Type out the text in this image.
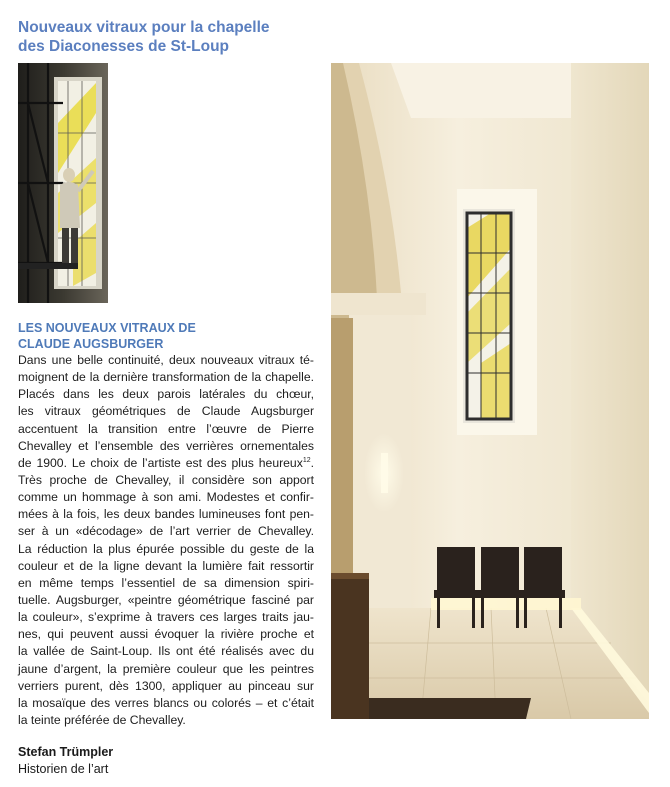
Nouveaux vitraux pour la chapelle
des Diaconesses de St-Loup
LES NOUVEAUX VITRAUX DE
CLAUDE AUGSBURGER
Dans une belle continuité, deux nouveaux vitraux té-
moignent de la dernière transformation de la chapelle.
Placés dans les deux parois latérales du chœur,
les vitraux géométriques de Claude Augsburger
accentuent la transition entre l’œuvre de Pierre
Chevalley et l’ensemble des verrières ornementales
de 1900. Le choix de l’artiste est des plus heureux$^{12}$.
Très proche de Chevalley, il considère son apport
comme un hommage à son ami. Modestes et confir-
mées à la fois, les deux bandes lumineuses font pen-
ser à un «décodage» de l’art verrier de Chevalley.
La réduction la plus épurée possible du geste de la
couleur et de la ligne devant la lumière fait ressortir
en même temps l’essentiel de sa dimension spiri-
tuelle. Augsburger, «peintre géométrique fasciné par
la couleur», s’exprime à travers ces larges traits jau-
nes, qui peuvent aussi évoquer la rivière proche et
la vallée de Saint-Loup. Ils ont été réalisés avec du
jaune d’argent, la première couleur que les peintres
verriers purent, dès 1300, appliquer au pinceau sur
la mosaïque des verres blancs ou colorés – et c’était
la teinte préférée de Chevalley.
Stefan Trümpler
Historien de l’art
